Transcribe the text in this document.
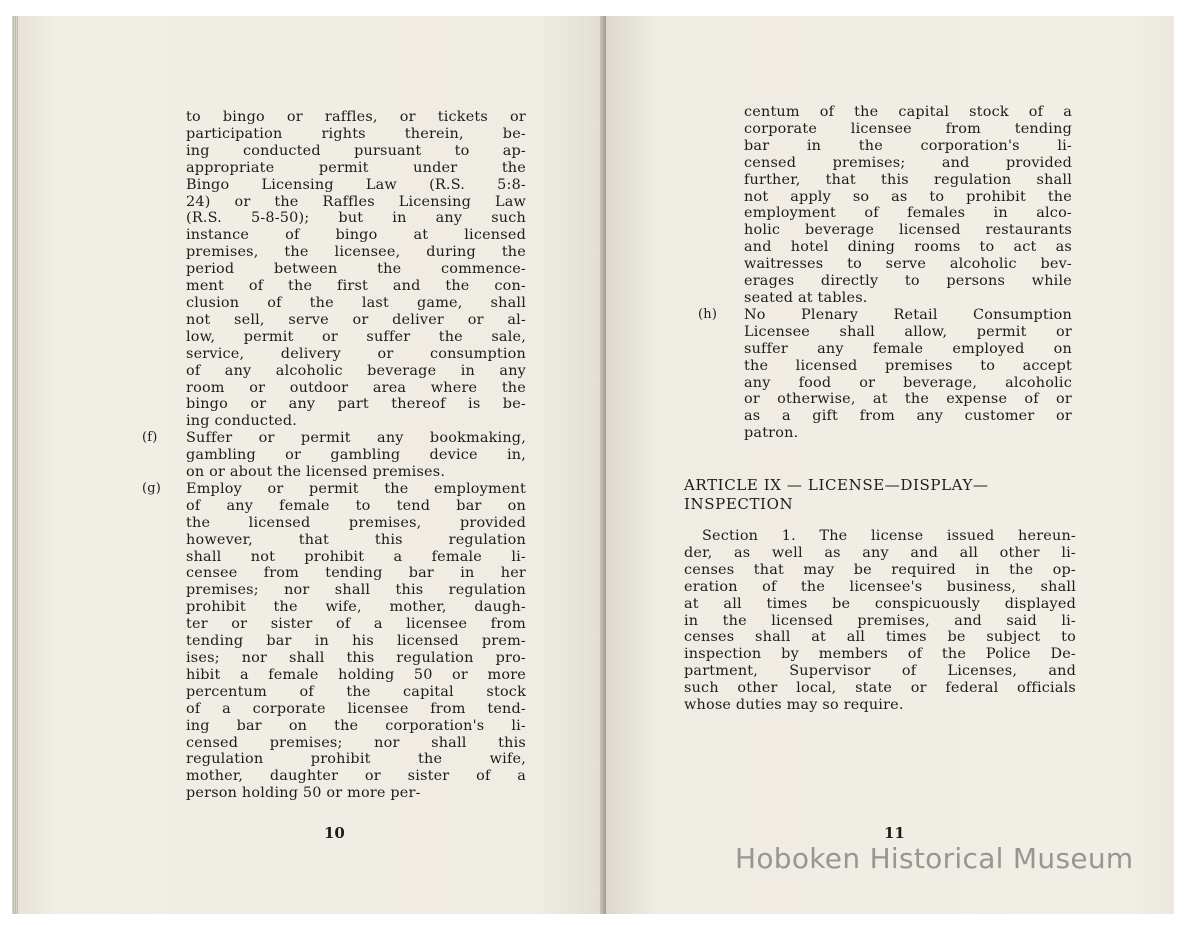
to bingo or raffles, or tickets or
participation rights therein, be-
ing conducted pursuant to ap-
appropriate permit under the
Bingo Licensing Law (R.S. 5:8-
24) or the Raffles Licensing Law
(R.S. 5-8-50); but in any such
instance of bingo at licensed
premises, the licensee, during the
period between the commence-
ment of the first and the con-
clusion of the last game, shall
not sell, serve or deliver or al-
low, permit or suffer the sale,
service, delivery or consumption
of any alcoholic beverage in any
room or outdoor area where the
bingo or any part thereof is be-
ing conducted.
(f) Suffer or permit any bookmaking,
gambling or gambling device in,
on or about the licensed premises.
(g) Employ or permit the employment
of any female to tend bar on
the licensed premises, provided
however, that this regulation
shall not prohibit a female li-
censee from tending bar in her
premises; nor shall this regulation
prohibit the wife, mother, daugh-
ter or sister of a licensee from
tending bar in his licensed prem-
ises; nor shall this regulation pro-
hibit a female holding 50 or more
percentum of the capital stock
of a corporate licensee from tend-
ing bar on the corporation's li-
censed premises; nor shall this
regulation prohibit the wife,
mother, daughter or sister of a
person holding 50 or more per-
10
centum of the capital stock of a
corporate licensee from tending
bar in the corporation's li-
censed premises; and provided
further, that this regulation shall
not apply so as to prohibit the
employment of females in alco-
holic beverage licensed restaurants
and hotel dining rooms to act as
waitresses to serve alcoholic bev-
erages directly to persons while
seated at tables.
(h) No Plenary Retail Consumption
Licensee shall allow, permit or
suffer any female employed on
the licensed premises to accept
any food or beverage, alcoholic
or otherwise, at the expense of or
as a gift from any customer or
patron.
ARTICLE IX — LICENSE—DISPLAY—
INSPECTION
Section 1. The license issued hereun-
der, as well as any and all other li-
censes that may be required in the op-
eration of the licensee's business, shall
at all times be conspicuously displayed
in the licensed premises, and said li-
censes shall at all times be subject to
inspection by members of the Police De-
partment, Supervisor of Licenses, and
such other local, state or federal officials
whose duties may so require.
11
Hoboken Historical Museum
